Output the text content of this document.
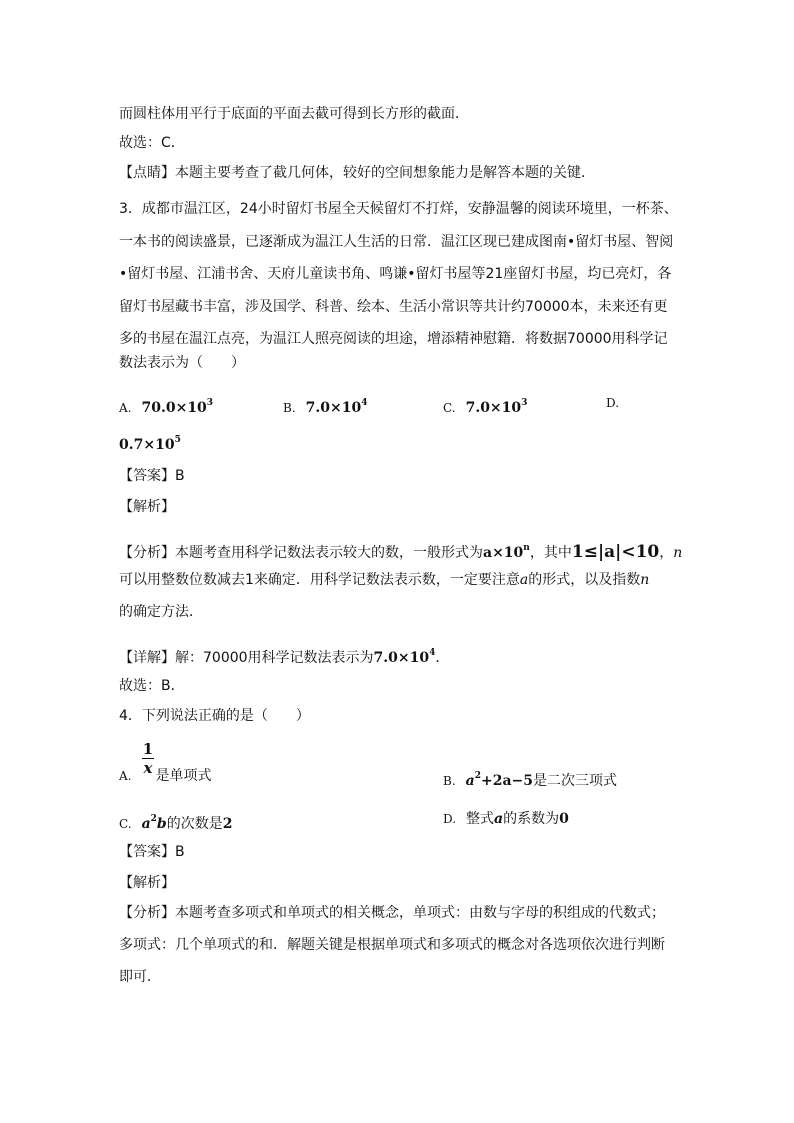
而圆柱体用平行于底面的平面去截可得到长方形的截面．
故选：C．
【点睛】本题主要考查了截几何体，较好的空间想象能力是解答本题的关键．
3．成都市温江区，24小时留灯书屋全天候留灯不打烊，安静温馨的阅读环境里，一杯茶、
一本书的阅读盛景，已逐渐成为温江人生活的日常．温江区现已建成图南•留灯书屋、智阅
•留灯书屋、江浦书舍、天府儿童读书角、鸣谦•留灯书屋等21座留灯书屋，均已亮灯，各
留灯书屋藏书丰富，涉及国学、科普、绘本、生活小常识等共计约70000本，未来还有更
多的书屋在温江点亮，为温江人照亮阅读的坦途，增添精神慰籍．将数据70000用科学记
数法表示为（　　）
A. $70.0\times 10^3$	B. $7.0\times 10^4$	C. $7.0\times 10^3$	D.
$0.7\times 10^5$
【答案】B
【解析】
【分析】本题考查用科学记数法表示较大的数，一般形式为$a\times 10^n$，其中1≤|a|<10，n
可以用整数位数减去1来确定．用科学记数法表示数，一定要注意a的形式，以及指数n
的确定方法．
【详解】解：70000用科学记数法表示为$7.0\times 10^4$．
故选：B．
4．下列说法正确的是（　　）
$\frac{1}{x}$
A. 是单项式	B. $a^2+2a-5$是二次三项式
C. $a^2b$的次数是2	D. 整式a的系数为0
【答案】B
【解析】
【分析】本题考查多项式和单项式的相关概念，单项式：由数与字母的积组成的代数式；
多项式：几个单项式的和．解题关键是根据单项式和多项式的概念对各选项依次进行判断
即可．
